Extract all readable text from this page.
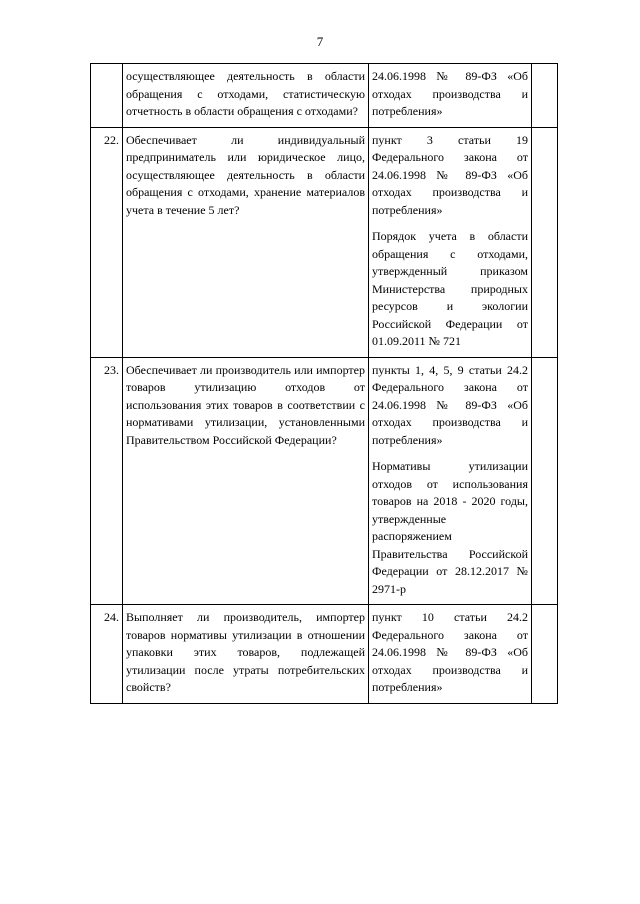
7
	осуществляющее деятельность в области обращения с отходами, статистическую отчетность в области обращения с отходами?	24.06.1998 № 89-ФЗ «Об отходах производства и потребления»	

22.	Обеспечивает ли индивидуальный предприниматель или юридическое лицо, осуществляющее деятельность в области обращения с отходами, хранение материалов учета в течение 5 лет?	пункт 3 статьи 19 Федерального закона от 24.06.1998 № 89-ФЗ «Об отходах производства и потребления»
Порядок учета в области обращения с отходами, утвержденный приказом Министерства природных ресурсов и экологии Российской Федерации от 01.09.2011 № 721	

23.	Обеспечивает ли производитель или импортер товаров утилизацию отходов от использования этих товаров в соответствии с нормативами утилизации, установленными Правительством Российской Федерации?	пункты 1, 4, 5, 9 статьи 24.2 Федерального закона от 24.06.1998 № 89-ФЗ «Об отходах производства и потребления»
Нормативы утилизации отходов от использования товаров на 2018 - 2020 годы, утвержденные распоряжением Правительства Российской Федерации от 28.12.2017 № 2971-р	

24.	Выполняет ли производитель, импортер товаров нормативы утилизации в отношении упаковки этих товаров, подлежащей утилизации после утраты потребительских свойств?	пункт 10 статьи 24.2 Федерального закона от 24.06.1998 № 89-ФЗ «Об отходах производства и потребления»	
